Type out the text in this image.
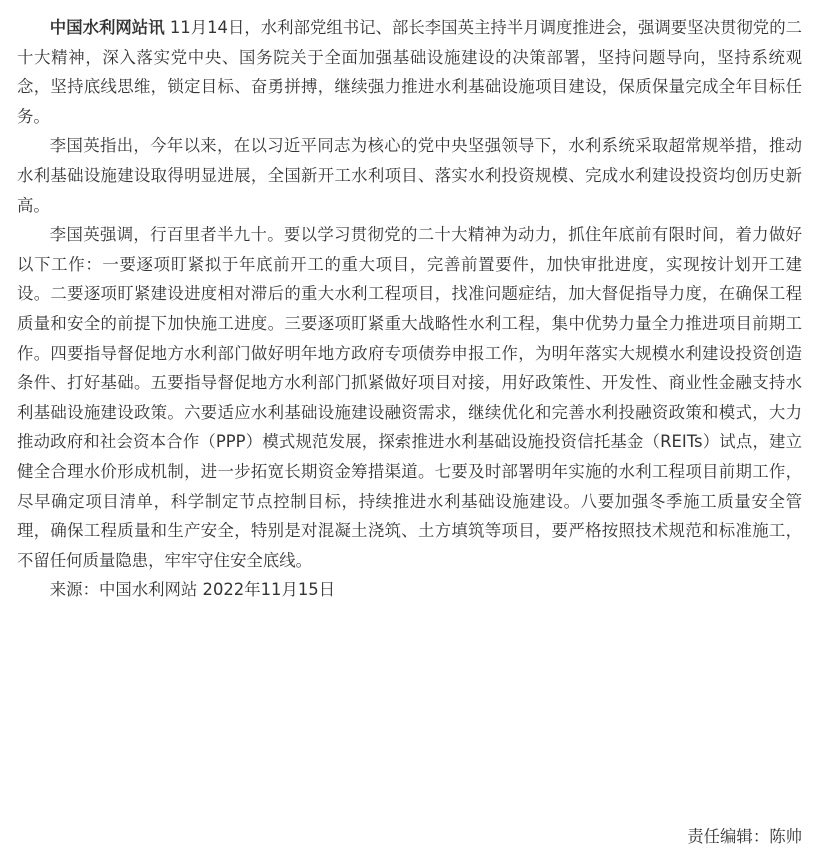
中国水利网站讯 11月14日，水利部党组书记、部长李国英主持半月调度推进会，强调要坚决贯彻党的二十大精神，深入落实党中央、国务院关于全面加强基础设施建设的决策部署，坚持问题导向，坚持系统观念，坚持底线思维，锁定目标、奋勇拼搏，继续强力推进水利基础设施项目建设，保质保量完成全年目标任务。

李国英指出，今年以来，在以习近平同志为核心的党中央坚强领导下，水利系统采取超常规举措，推动水利基础设施建设取得明显进展，全国新开工水利项目、落实水利投资规模、完成水利建设投资均创历史新高。

李国英强调，行百里者半九十。要以学习贯彻党的二十大精神为动力，抓住年底前有限时间，着力做好以下工作：一要逐项盯紧拟于年底前开工的重大项目，完善前置要件，加快审批进度，实现按计划开工建设。二要逐项盯紧建设进度相对滞后的重大水利工程项目，找准问题症结，加大督促指导力度，在确保工程质量和安全的前提下加快施工进度。三要逐项盯紧重大战略性水利工程，集中优势力量全力推进项目前期工作。四要指导督促地方水利部门做好明年地方政府专项债券申报工作，为明年落实大规模水利建设投资创造条件、打好基础。五要指导督促地方水利部门抓紧做好项目对接，用好政策性、开发性、商业性金融支持水利基础设施建设政策。六要适应水利基础设施建设融资需求，继续优化和完善水利投融资政策和模式，大力推动政府和社会资本合作（PPP）模式规范发展，探索推进水利基础设施投资信托基金（REITs）试点，建立健全合理水价形成机制，进一步拓宽长期资金筹措渠道。七要及时部署明年实施的水利工程项目前期工作，尽早确定项目清单，科学制定节点控制目标，持续推进水利基础设施建设。八要加强冬季施工质量安全管理，确保工程质量和生产安全，特别是对混凝土浇筑、土方填筑等项目，要严格按照技术规范和标准施工，不留任何质量隐患，牢牢守住安全底线。

来源：中国水利网站 2022年11月15日

责任编辑：陈帅
